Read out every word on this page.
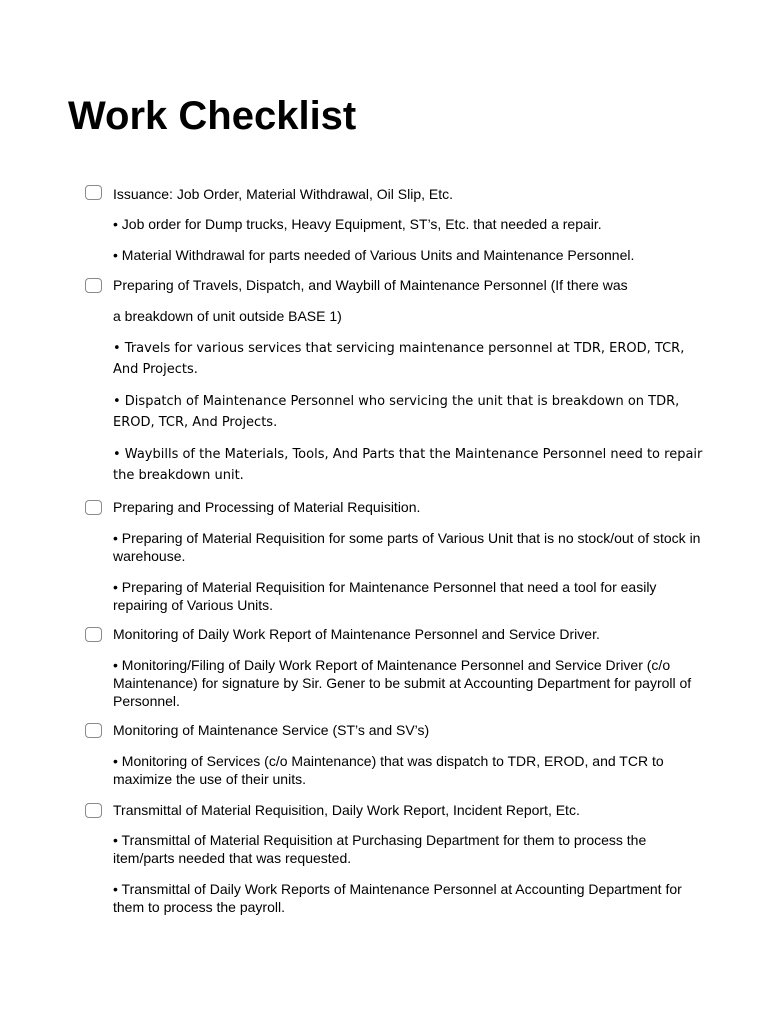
Work Checklist
Issuance: Job Order, Material Withdrawal, Oil Slip, Etc.
• Job order for Dump trucks, Heavy Equipment, ST’s, Etc. that needed a repair.
• Material Withdrawal for parts needed of Various Units and Maintenance Personnel.
Preparing of Travels, Dispatch, and Waybill of Maintenance Personnel (If there was
a breakdown of unit outside BASE 1)
• Travels for various services that servicing maintenance personnel at TDR, EROD, TCR, And Projects.
• Dispatch of Maintenance Personnel who servicing the unit that is breakdown on TDR, EROD, TCR, And Projects.
• Waybills of the Materials, Tools, And Parts that the Maintenance Personnel need to repair the breakdown unit.
Preparing and Processing of Material Requisition.
• Preparing of Material Requisition for some parts of Various Unit that is no stock/out of stock in warehouse.
• Preparing of Material Requisition for Maintenance Personnel that need a tool for easily repairing of Various Units.
Monitoring of Daily Work Report of Maintenance Personnel and Service Driver.
• Monitoring/Filing of Daily Work Report of Maintenance Personnel and Service Driver (c/o Maintenance) for signature by Sir. Gener to be submit at Accounting Department for payroll of Personnel.
Monitoring of Maintenance Service (ST’s and SV’s)
• Monitoring of Services (c/o Maintenance) that was dispatch to TDR, EROD, and TCR to maximize the use of their units.
Transmittal of Material Requisition, Daily Work Report, Incident Report, Etc.
• Transmittal of Material Requisition at Purchasing Department for them to process the item/parts needed that was requested.
• Transmittal of Daily Work Reports of Maintenance Personnel at Accounting Department for them to process the payroll.
